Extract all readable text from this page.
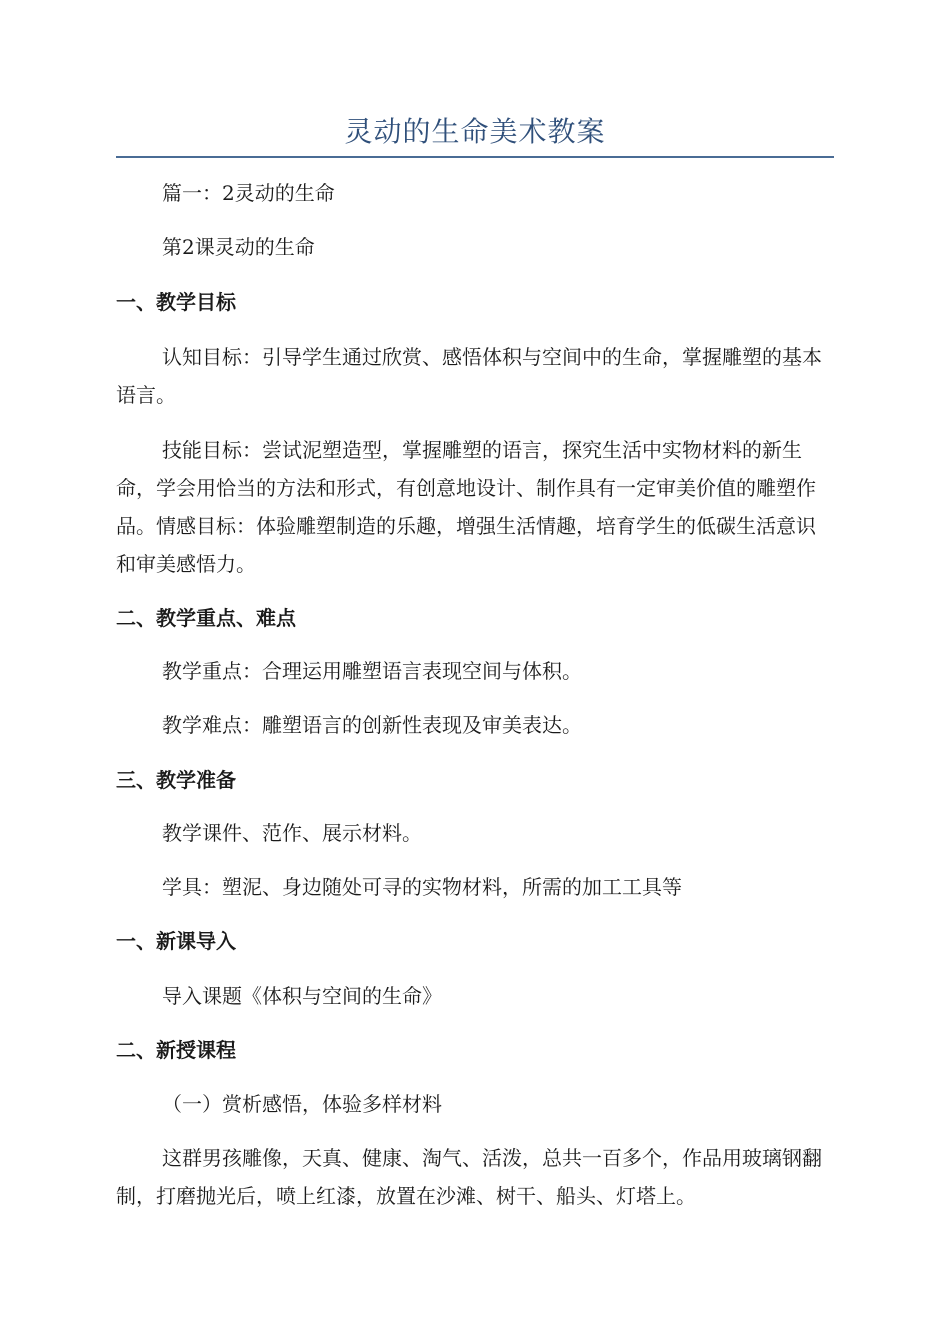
灵动的生命美术教案

篇一：2灵动的生命

第2课灵动的生命

一、教学目标

认知目标：引导学生通过欣赏、感悟体积与空间中的生命，掌握雕塑的基本语言。

技能目标：尝试泥塑造型，掌握雕塑的语言，探究生活中实物材料的新生命，学会用恰当的方法和形式，有创意地设计、制作具有一定审美价值的雕塑作品。情感目标：体验雕塑制造的乐趣，增强生活情趣，培育学生的低碳生活意识和审美感悟力。

二、教学重点、难点

教学重点：合理运用雕塑语言表现空间与体积。

教学难点：雕塑语言的创新性表现及审美表达。

三、教学准备

教学课件、范作、展示材料。

学具：塑泥、身边随处可寻的实物材料，所需的加工工具等

一、新课导入

导入课题《体积与空间的生命》

二、新授课程

（一）赏析感悟，体验多样材料

这群男孩雕像，天真、健康、淘气、活泼，总共一百多个，作品用玻璃钢翻制，打磨抛光后，喷上红漆，放置在沙滩、树干、船头、灯塔上。
